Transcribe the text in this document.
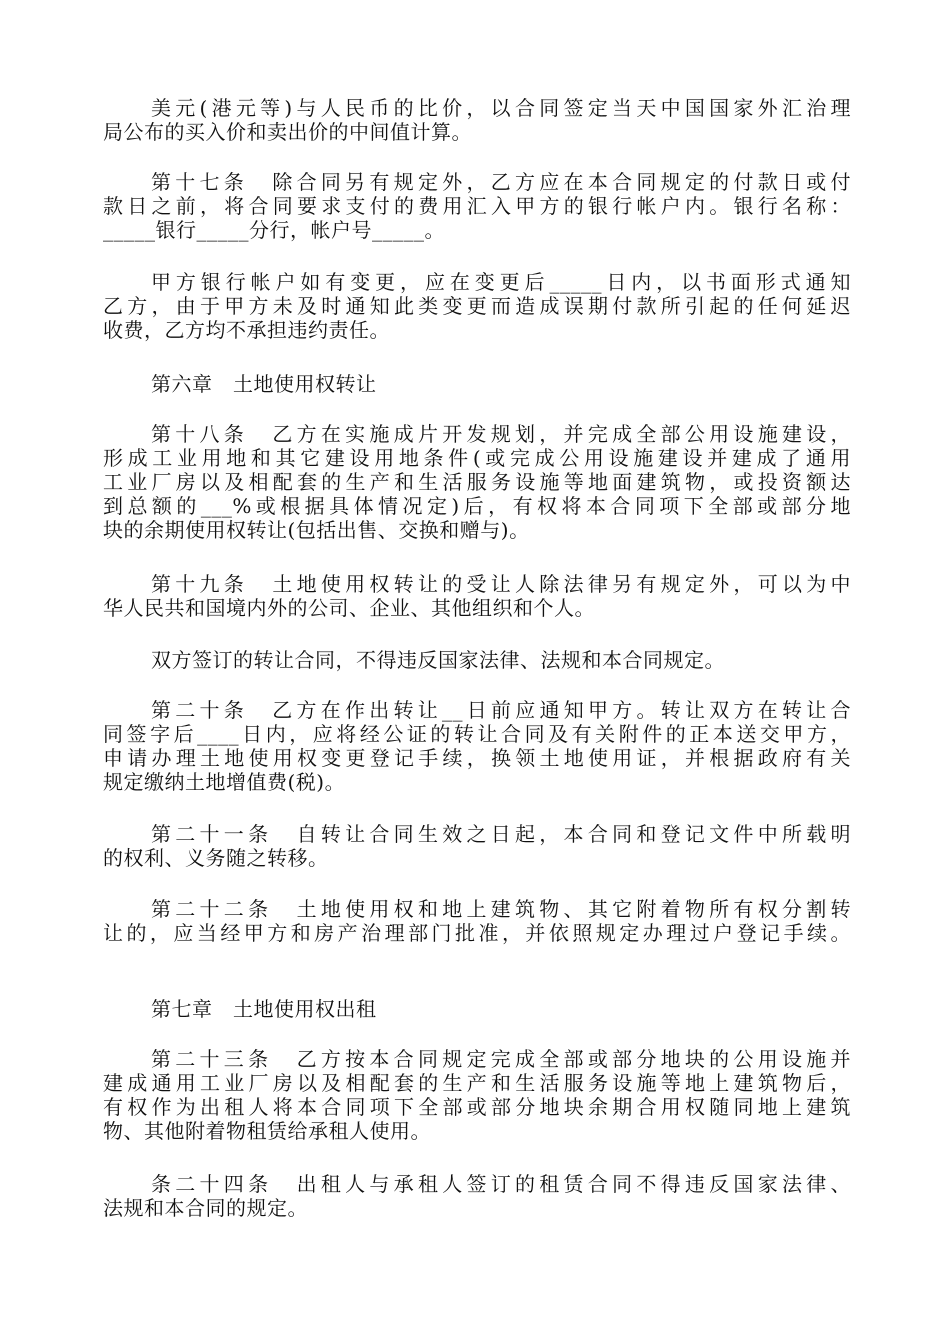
美元(港元等)与人民币的比价，以合同签定当天中国国家外汇治理
局公布的买入价和卖出价的中间值计算。
第十七条　除合同另有规定外，乙方应在本合同规定的付款日或付
款日之前，将合同要求支付的费用汇入甲方的银行帐户内。银行名称：
_____银行_____分行，帐户号_____。
甲方银行帐户如有变更，应在变更后_____日内，以书面形式通知
乙方，由于甲方未及时通知此类变更而造成误期付款所引起的任何延迟
收费，乙方均不承担违约责任。
第六章　土地使用权转让
第十八条　乙方在实施成片开发规划，并完成全部公用设施建设，
形成工业用地和其它建设用地条件(或完成公用设施建设并建成了通用
工业厂房以及相配套的生产和生活服务设施等地面建筑物，或投资额达
到总额的___%或根据具体情况定)后，有权将本合同项下全部或部分地
块的余期使用权转让(包括出售、交换和赠与)。
第十九条　土地使用权转让的受让人除法律另有规定外，可以为中
华人民共和国境内外的公司、企业、其他组织和个人。
双方签订的转让合同，不得违反国家法律、法规和本合同规定。
第二十条　乙方在作出转让__日前应通知甲方。转让双方在转让合
同签字后____日内，应将经公证的转让合同及有关附件的正本送交甲方，
申请办理土地使用权变更登记手续，换领土地使用证，并根据政府有关
规定缴纳土地增值费(税)。
第二十一条　自转让合同生效之日起，本合同和登记文件中所载明
的权利、义务随之转移。
第二十二条　土地使用权和地上建筑物、其它附着物所有权分割转
让的，应当经甲方和房产治理部门批准，并依照规定办理过户登记手续。
第七章　土地使用权出租
第二十三条　乙方按本合同规定完成全部或部分地块的公用设施并
建成通用工业厂房以及相配套的生产和生活服务设施等地上建筑物后，
有权作为出租人将本合同项下全部或部分地块余期合用权随同地上建筑
物、其他附着物租赁给承租人使用。
条二十四条　出租人与承租人签订的租赁合同不得违反国家法律、
法规和本合同的规定。
